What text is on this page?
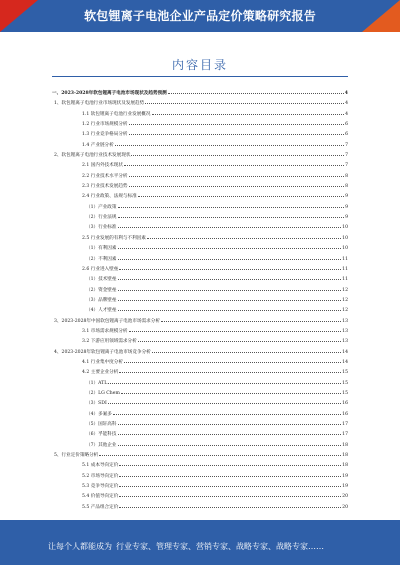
软包锂离子电池企业产品定价策略研究报告
内容目录
一、2023-2028年软包锂离子电池市场现状及趋势预测	4
1、软包锂离子电池行业市场现状及发展趋势	4
1.1 软包锂离子电池行业发展概况	4
1.2 行业市场规模分析	6
1.3 行业竞争格局分析	6
1.4 产业链分析	7
2、软包锂离子电池行业技术发展现状	7
2.1 国内外技术现状	7
2.2 行业技术水平分析	8
2.3 行业技术发展趋势	8
2.4 行业政策、法规与标准	9
（1）产业政策	9
（2）行业法规	9
（3）行业标准	10
2.5 行业发展的有利与不利因素	10
（1）有利因素	10
（2）不利因素	11
2.6 行业进入壁垒	11
（1）技术壁垒	11
（2）资金壁垒	12
（3）品牌壁垒	12
（4）人才壁垒	12
3、2023-2028年中国软包锂离子电池市场需求分析	13
3.1 市场需求规模分析	13
3.2 下游应用领域需求分析	13
4、2023-2028年软包锂离子电池市场竞争分析	14
4.1 行业集中度分析	14
4.2 主要企业分析	15
（1）ATL	15
（2）LG Chem	15
（3）SDI	16
（4）多氟多	16
（5）国轩高科	17
（6）孚能科技	17
（7）其他企业	18
5、行业定价策略分析	18
5.1 成本导向定价	18
5.2 市场导向定价	19
5.3 竞争导向定价	19
5.4 价值导向定价	20
5.5 产品组合定价	20
让每个人都能成为 行业专家、管理专家、营销专家、战略专家、战略专家……
